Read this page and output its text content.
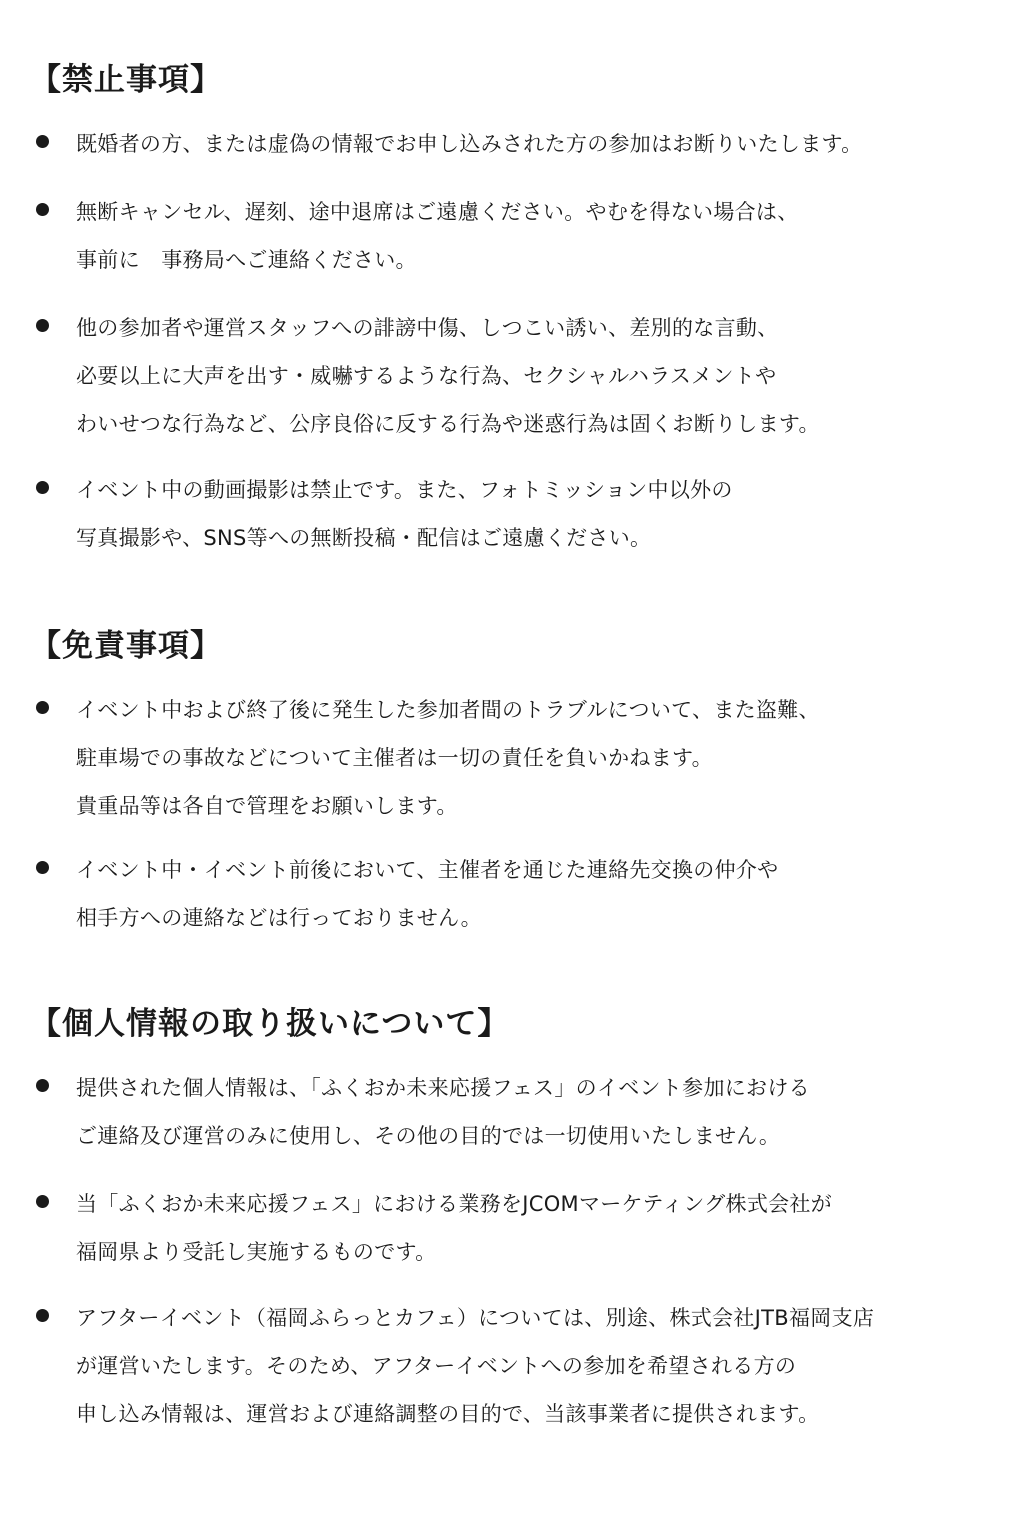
【禁止事項】
既婚者の方、または虚偽の情報でお申し込みされた方の参加はお断りいたします。
無断キャンセル、遅刻、途中退席はご遠慮ください。やむを得ない場合は、
事前に　事務局へご連絡ください。
他の参加者や運営スタッフへの誹謗中傷、しつこい誘い、差別的な言動、
必要以上に大声を出す・威嚇するような行為、セクシャルハラスメントや
わいせつな行為など、公序良俗に反する行為や迷惑行為は固くお断りします。
イベント中の動画撮影は禁止です。また、フォトミッション中以外の
写真撮影や、SNS等への無断投稿・配信はご遠慮ください。
【免責事項】
イベント中および終了後に発生した参加者間のトラブルについて、また盗難、
駐車場での事故などについて主催者は一切の責任を負いかねます。
貴重品等は各自で管理をお願いします。
イベント中・イベント前後において、主催者を通じた連絡先交換の仲介や
相手方への連絡などは行っておりません。
【個人情報の取り扱いについて】
提供された個人情報は、「ふくおか未来応援フェス」のイベント参加における
ご連絡及び運営のみに使用し、その他の目的では一切使用いたしません。
当「ふくおか未来応援フェス」における業務をJCOMマーケティング株式会社が
福岡県より受託し実施するものです。
アフターイベント（福岡ふらっとカフェ）については、別途、株式会社JTB福岡支店
が運営いたします。そのため、アフターイベントへの参加を希望される方の
申し込み情報は、運営および連絡調整の目的で、当該事業者に提供されます。
